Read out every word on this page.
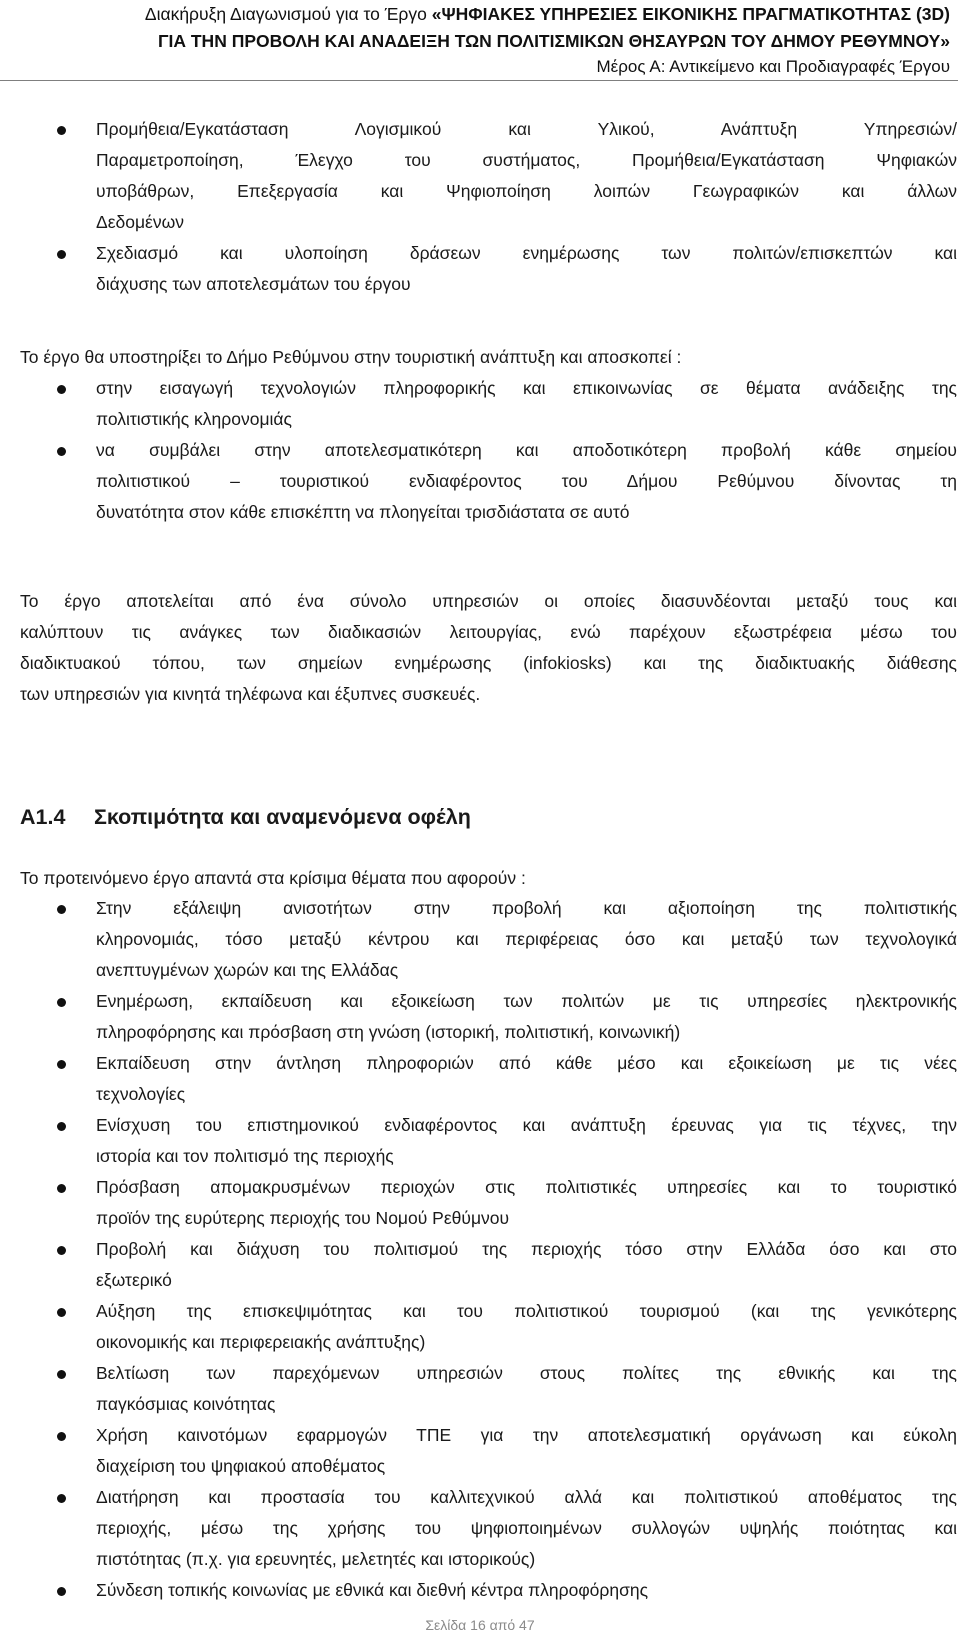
Διακήρυξη Διαγωνισμού για το Έργο «ΨΗΦΙΑΚΕΣ ΥΠΗΡΕΣΙΕΣ ΕΙΚΟΝΙΚΗΣ ΠΡΑΓΜΑΤΙΚΟΤΗΤΑΣ (3D)
ΓΙΑ ΤΗΝ ΠΡΟΒΟΛΗ ΚΑΙ ΑΝΑΔΕΙΞΗ ΤΩΝ ΠΟΛΙΤΙΣΜΙΚΩΝ ΘΗΣΑΥΡΩΝ ΤΟΥ ΔΗΜΟΥ ΡΕΘΥΜΝΟΥ»
Μέρος Α: Αντικείμενο και Προδιαγραφές Έργου
Προμήθεια/Εγκατάσταση Λογισμικού και Υλικού, Ανάπτυξη Υπηρεσιών/
Παραμετροποίηση, Έλεγχο του συστήματος, Προμήθεια/Εγκατάσταση Ψηφιακών
υποβάθρων, Επεξεργασία και Ψηφιοποίηση λοιπών Γεωγραφικών και άλλων
Δεδομένων
Σχεδιασμό και υλοποίηση δράσεων ενημέρωσης των πολιτών/επισκεπτών και
διάχυσης των αποτελεσμάτων του έργου
Το έργο θα υποστηρίξει το Δήμο Ρεθύμνου στην τουριστική ανάπτυξη και αποσκοπεί :
στην εισαγωγή τεχνολογιών πληροφορικής και επικοινωνίας σε θέματα ανάδειξης της
πολιτιστικής κληρονομιάς
να συμβάλει στην αποτελεσματικότερη και αποδοτικότερη προβολή κάθε σημείου
πολιτιστικού – τουριστικού ενδιαφέροντος του Δήμου Ρεθύμνου δίνοντας τη
δυνατότητα στον κάθε επισκέπτη να πλοηγείται τρισδιάστατα σε αυτό
Το έργο αποτελείται από ένα σύνολο υπηρεσιών οι οποίες διασυνδέονται μεταξύ τους και
καλύπτουν τις ανάγκες των διαδικασιών λειτουργίας, ενώ παρέχουν εξωστρέφεια μέσω του
διαδικτυακού τόπου, των σημείων ενημέρωσης (infokiosks) και της διαδικτυακής διάθεσης
των υπηρεσιών για κινητά τηλέφωνα και έξυπνες συσκευές.
Α1.4 Σκοπιμότητα και αναμενόμενα οφέλη
Το προτεινόμενο έργο απαντά στα κρίσιμα θέματα που αφορούν :
Στην εξάλειψη ανισοτήτων στην προβολή και αξιοποίηση της πολιτιστικής
κληρονομιάς, τόσο μεταξύ κέντρου και περιφέρειας όσο και μεταξύ των τεχνολογικά
ανεπτυγμένων χωρών και της Ελλάδας
Ενημέρωση, εκπαίδευση και εξοικείωση των πολιτών με τις υπηρεσίες ηλεκτρονικής
πληροφόρησης και πρόσβαση στη γνώση (ιστορική, πολιτιστική, κοινωνική)
Εκπαίδευση στην άντληση πληροφοριών από κάθε μέσο και εξοικείωση με τις νέες
τεχνολογίες
Ενίσχυση του επιστημονικού ενδιαφέροντος και ανάπτυξη έρευνας για τις τέχνες, την
ιστορία και τον πολιτισμό της περιοχής
Πρόσβαση απομακρυσμένων περιοχών στις πολιτιστικές υπηρεσίες και το τουριστικό
προϊόν της ευρύτερης περιοχής του Νομού Ρεθύμνου
Προβολή και διάχυση του πολιτισμού της περιοχής τόσο στην Ελλάδα όσο και στο
εξωτερικό
Αύξηση της επισκεψιμότητας και του πολιτιστικού τουρισμού (και της γενικότερης
οικονομικής και περιφερειακής ανάπτυξης)
Βελτίωση των παρεχόμενων υπηρεσιών στους πολίτες της εθνικής και της
παγκόσμιας κοινότητας
Χρήση καινοτόμων εφαρμογών ΤΠΕ για την αποτελεσματική οργάνωση και εύκολη
διαχείριση του ψηφιακού αποθέματος
Διατήρηση και προστασία του καλλιτεχνικού αλλά και πολιτιστικού αποθέματος της
περιοχής, μέσω της χρήσης του ψηφιοποιημένων συλλογών υψηλής ποιότητας και
πιστότητας (π.χ. για ερευνητές, μελετητές και ιστορικούς)
Σύνδεση τοπικής κοινωνίας με εθνικά και διεθνή κέντρα πληροφόρησης
Σελίδα 16 από 47
